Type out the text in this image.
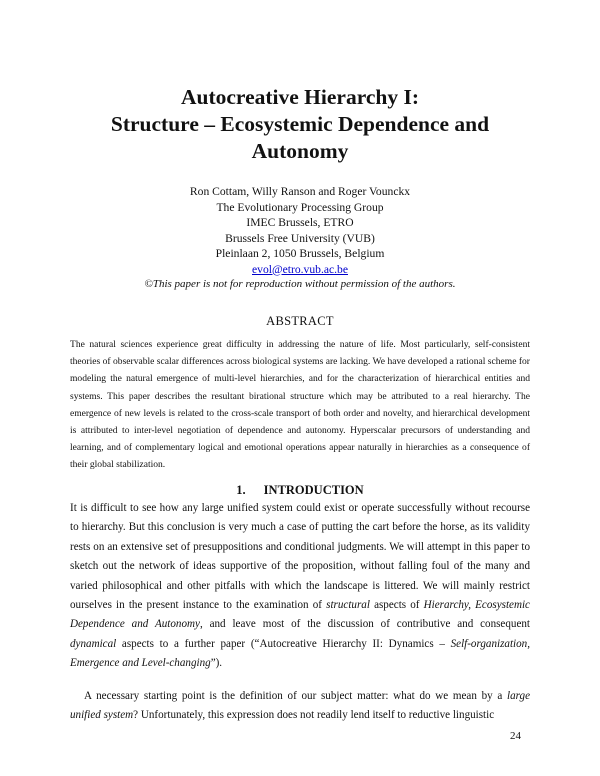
Autocreative Hierarchy I:
Structure – Ecosystemic Dependence and
Autonomy
Ron Cottam, Willy Ranson and Roger Vounckx
The Evolutionary Processing Group
IMEC Brussels, ETRO
Brussels Free University (VUB)
Pleinlaan 2, 1050 Brussels, Belgium
evol@etro.vub.ac.be
©This paper is not for reproduction without permission of the authors.
ABSTRACT

The natural sciences experience great difficulty in addressing the nature of life. Most particularly, self-consistent theories of observable scalar differences across biological systems are lacking. We have developed a rational scheme for modeling the natural emergence of multi-level hierarchies, and for the characterization of hierarchical entities and systems. This paper describes the resultant birational structure which may be attributed to a real hierarchy. The emergence of new levels is related to the cross-scale transport of both order and novelty, and hierarchical development is attributed to inter-level negotiation of dependence and autonomy. Hyperscalar precursors of understanding and learning, and of complementary logical and emotional operations appear naturally in hierarchies as a consequence of their global stabilization.

1. INTRODUCTION

It is difficult to see how any large unified system could exist or operate successfully without recourse to hierarchy. But this conclusion is very much a case of putting the cart before the horse, as its validity rests on an extensive set of presuppositions and conditional judgments. We will attempt in this paper to sketch out the network of ideas supportive of the proposition, without falling foul of the many and varied philosophical and other pitfalls with which the landscape is littered. We will mainly restrict ourselves in the present instance to the examination of structural aspects of Hierarchy, Ecosystemic Dependence and Autonomy, and leave most of the discussion of contributive and consequent dynamical aspects to a further paper (“Autocreative Hierarchy II: Dynamics – Self-organization, Emergence and Level-changing”).

A necessary starting point is the definition of our subject matter: what do we mean by a large unified system? Unfortunately, this expression does not readily lend itself to reductive linguistic

24
